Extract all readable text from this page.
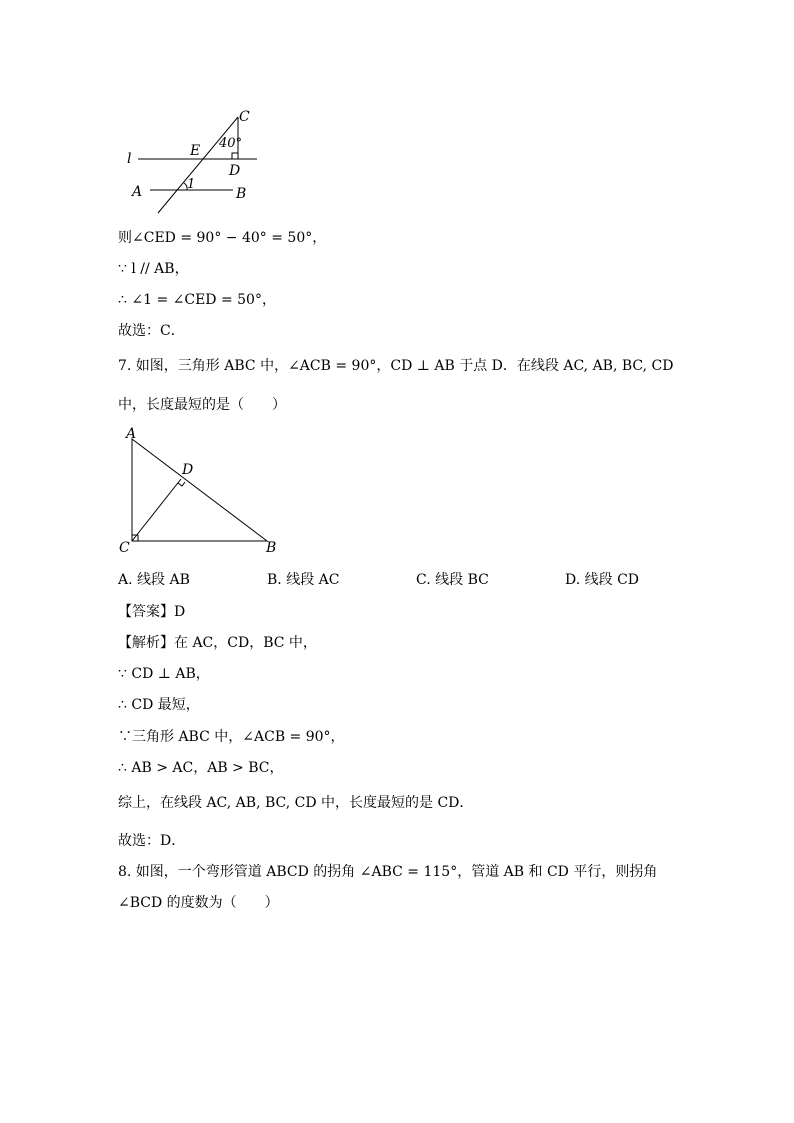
C
E 40°
l
D
A	1
B
则∠CED = 90° − 40° = 50°，
∵ l // AB，
∴ ∠1 = ∠CED = 50°，
故选：C．
7. 如图，三角形 ABC 中，∠ACB = 90°，CD ⊥ AB 于点 D．在线段 AC, AB, BC, CD
中，长度最短的是（　　）
A
D
C	B
A. 线段 AB	B. 线段 AC	C. 线段 BC	D. 线段 CD
【答案】D
【解析】在 AC，CD，BC 中，
∵ CD ⊥ AB，
∴ CD 最短，
∵三角形 ABC 中，∠ACB = 90°，
∴ AB > AC，AB > BC，
综上，在线段 AC, AB, BC, CD 中，长度最短的是 CD．
故选：D．
8. 如图，一个弯形管道 ABCD 的拐角 ∠ABC = 115°，管道 AB 和 CD 平行，则拐角
∠BCD 的度数为（　　）
